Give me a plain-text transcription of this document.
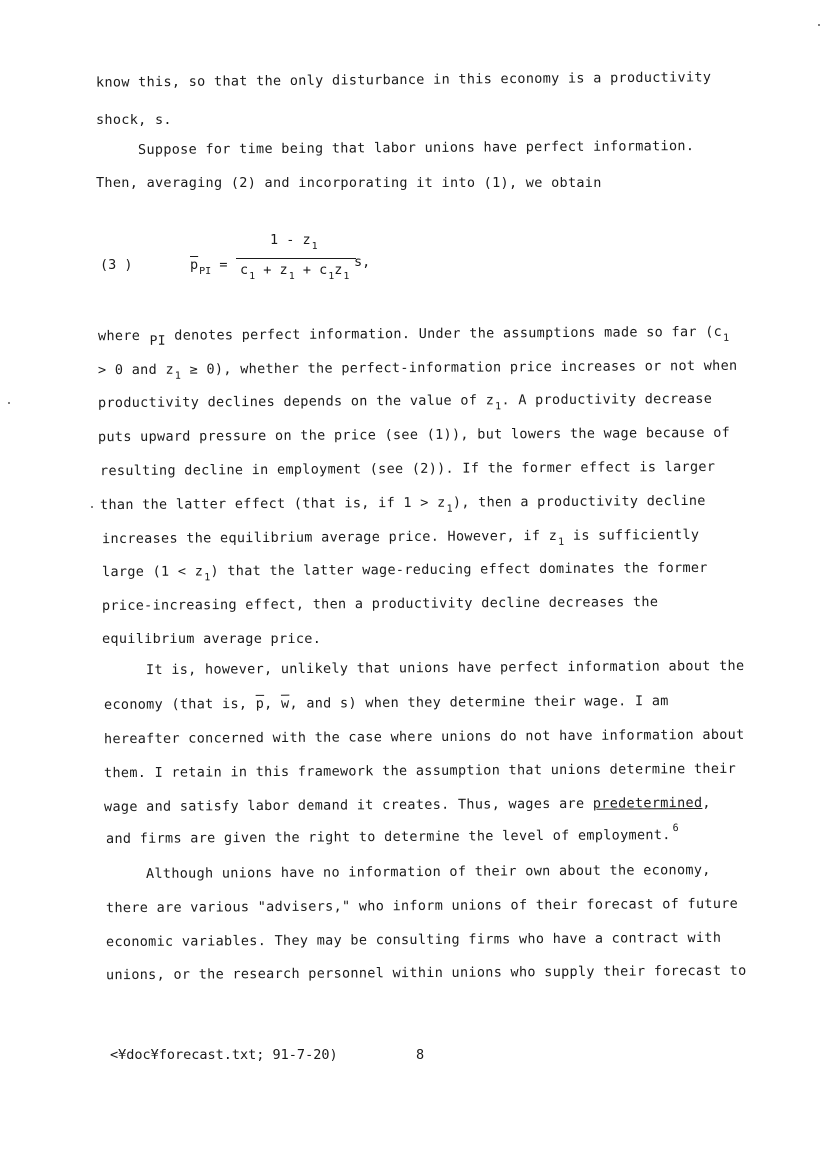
know this, so that the only disturbance in this economy is a productivity
shock, s.
Suppose for time being that labor unions have perfect information.
Then, averaging (2) and incorporating it into (1), we obtain
(3 )	$\overline{p}_{PI}$ =
$1 - z_1$
$c_1 + z_1 + c_1z_1$
s,
where PI denotes perfect information. Under the assumptions made so far ($c_1$
> 0 and $z_1 \ge 0$), whether the perfect-information price increases or not when
productivity declines depends on the value of $z_1$. A productivity decrease
puts upward pressure on the price (see (1)), but lowers the wage because of
resulting decline in employment (see (2)). If the former effect is larger
than the latter effect (that is, if $1 > z_1$), then a productivity decline
increases the equilibrium average price. However, if $z_1$ is sufficiently
large $(1 < z_1)$ that the latter wage-reducing effect dominates the former
price-increasing effect, then a productivity decline decreases the
equilibrium average price.
It is, however, unlikely that unions have perfect information about the
economy (that is, $\overline{p}$, $\overline{w}$, and s) when they determine their wage. I am
hereafter concerned with the case where unions do not have information about
them. I retain in this framework the assumption that unions determine their
wage and satisfy labor demand it creates. Thus, wages are predetermined,
and firms are given the right to determine the level of employment. $^6$
Although unions have no information of their own about the economy,
there are various "advisers," who inform unions of their forecast of future
economic variables. They may be consulting firms who have a contract with
unions, or the research personnel within unions who supply their forecast to
<¥doc¥forecast.txt; 91-7-20)	8
